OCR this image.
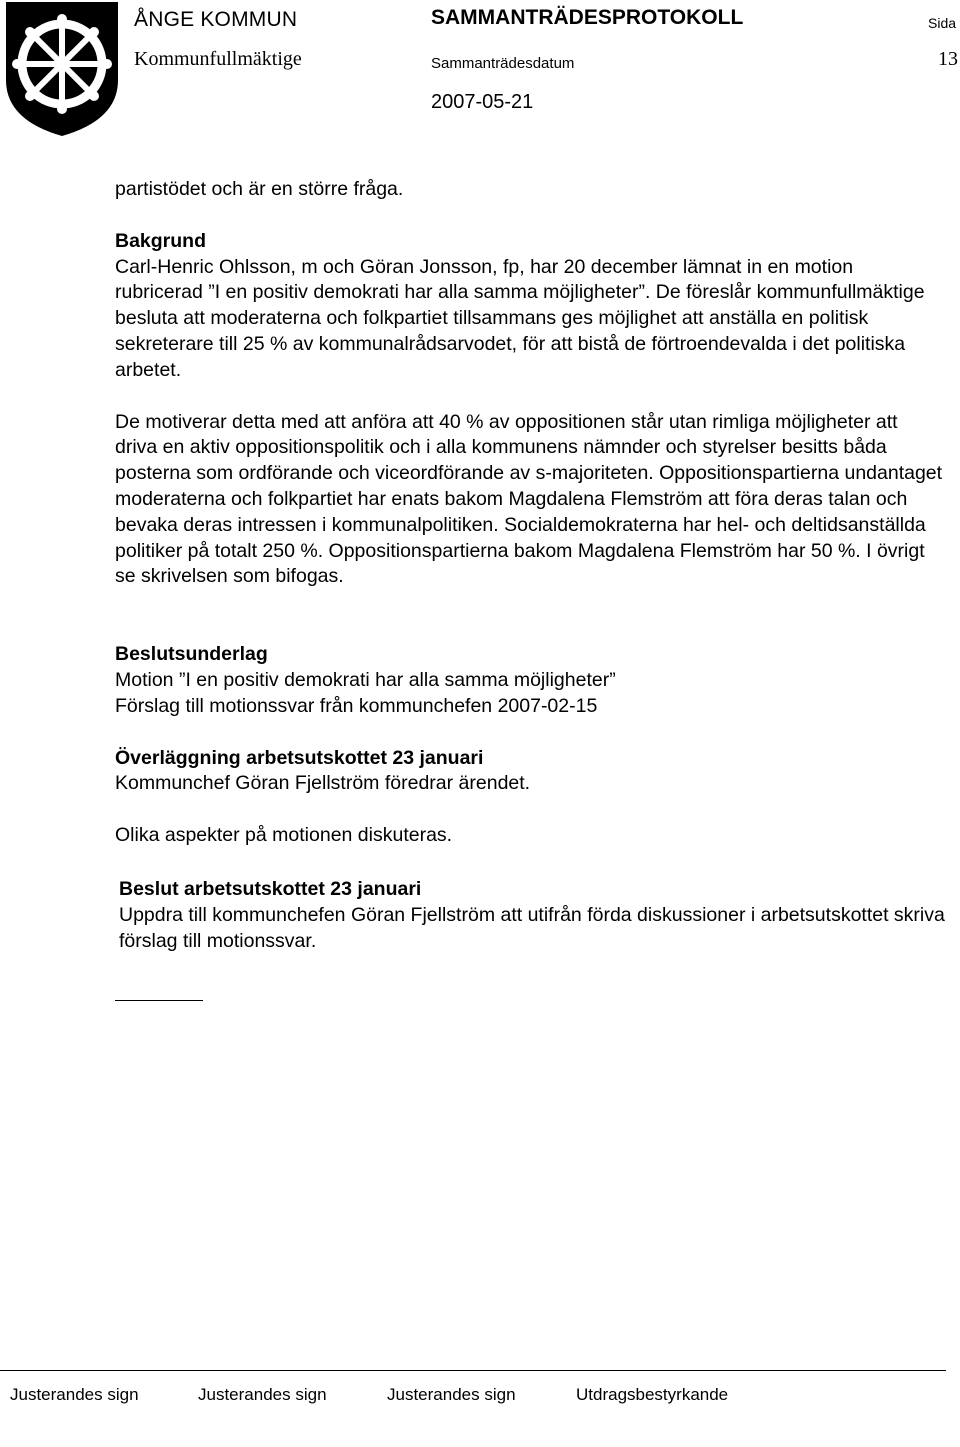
ÅNGE KOMMUN
Kommunfullmäktige
SAMMANTRÄDESPROTOKOLL
Sammanträdesdatum
2007-05-21
Sida
13

partistödet och är en större fråga.

Bakgrund

Carl-Henric Ohlsson, m och Göran Jonsson, fp, har 20 december lämnat in en motion rubricerad ”I en positiv demokrati har alla samma möjligheter”. De föreslår kommunfullmäktige besluta att moderaterna och folkpartiet tillsammans ges möjlighet att anställa en politisk sekreterare till 25 % av kommunalrådsarvodet, för att bistå de förtroendevalda i det politiska arbetet.

De motiverar detta med att anföra att 40 % av oppositionen står utan rimliga möjligheter att driva en aktiv oppositionspolitik och i alla kommunens nämnder och styrelser besitts båda posterna som ordförande och viceordförande av s-majoriteten. Oppositionspartierna undantaget moderaterna och folkpartiet har enats bakom Magdalena Flemström att föra deras talan och bevaka deras intressen i kommunalpolitiken. Socialdemokraterna har hel- och deltidsanställda politiker på totalt 250 %. Oppositionspartierna bakom Magdalena Flemström har 50 %. I övrigt se skrivelsen som bifogas.

Beslutsunderlag

Motion ”I en positiv demokrati har alla samma möjligheter”

Förslag till motionssvar från kommunchefen 2007-02-15

Överläggning arbetsutskottet 23 januari

Kommunchef Göran Fjellström föredrar ärendet.

Olika aspekter på motionen diskuteras.

Beslut arbetsutskottet 23 januari

Uppdra till kommunchefen Göran Fjellström att utifrån förda diskussioner i arbetsutskottet skriva förslag till motionssvar.

Justerandes sign	Justerandes sign	Justerandes sign	Utdragsbestyrkande
